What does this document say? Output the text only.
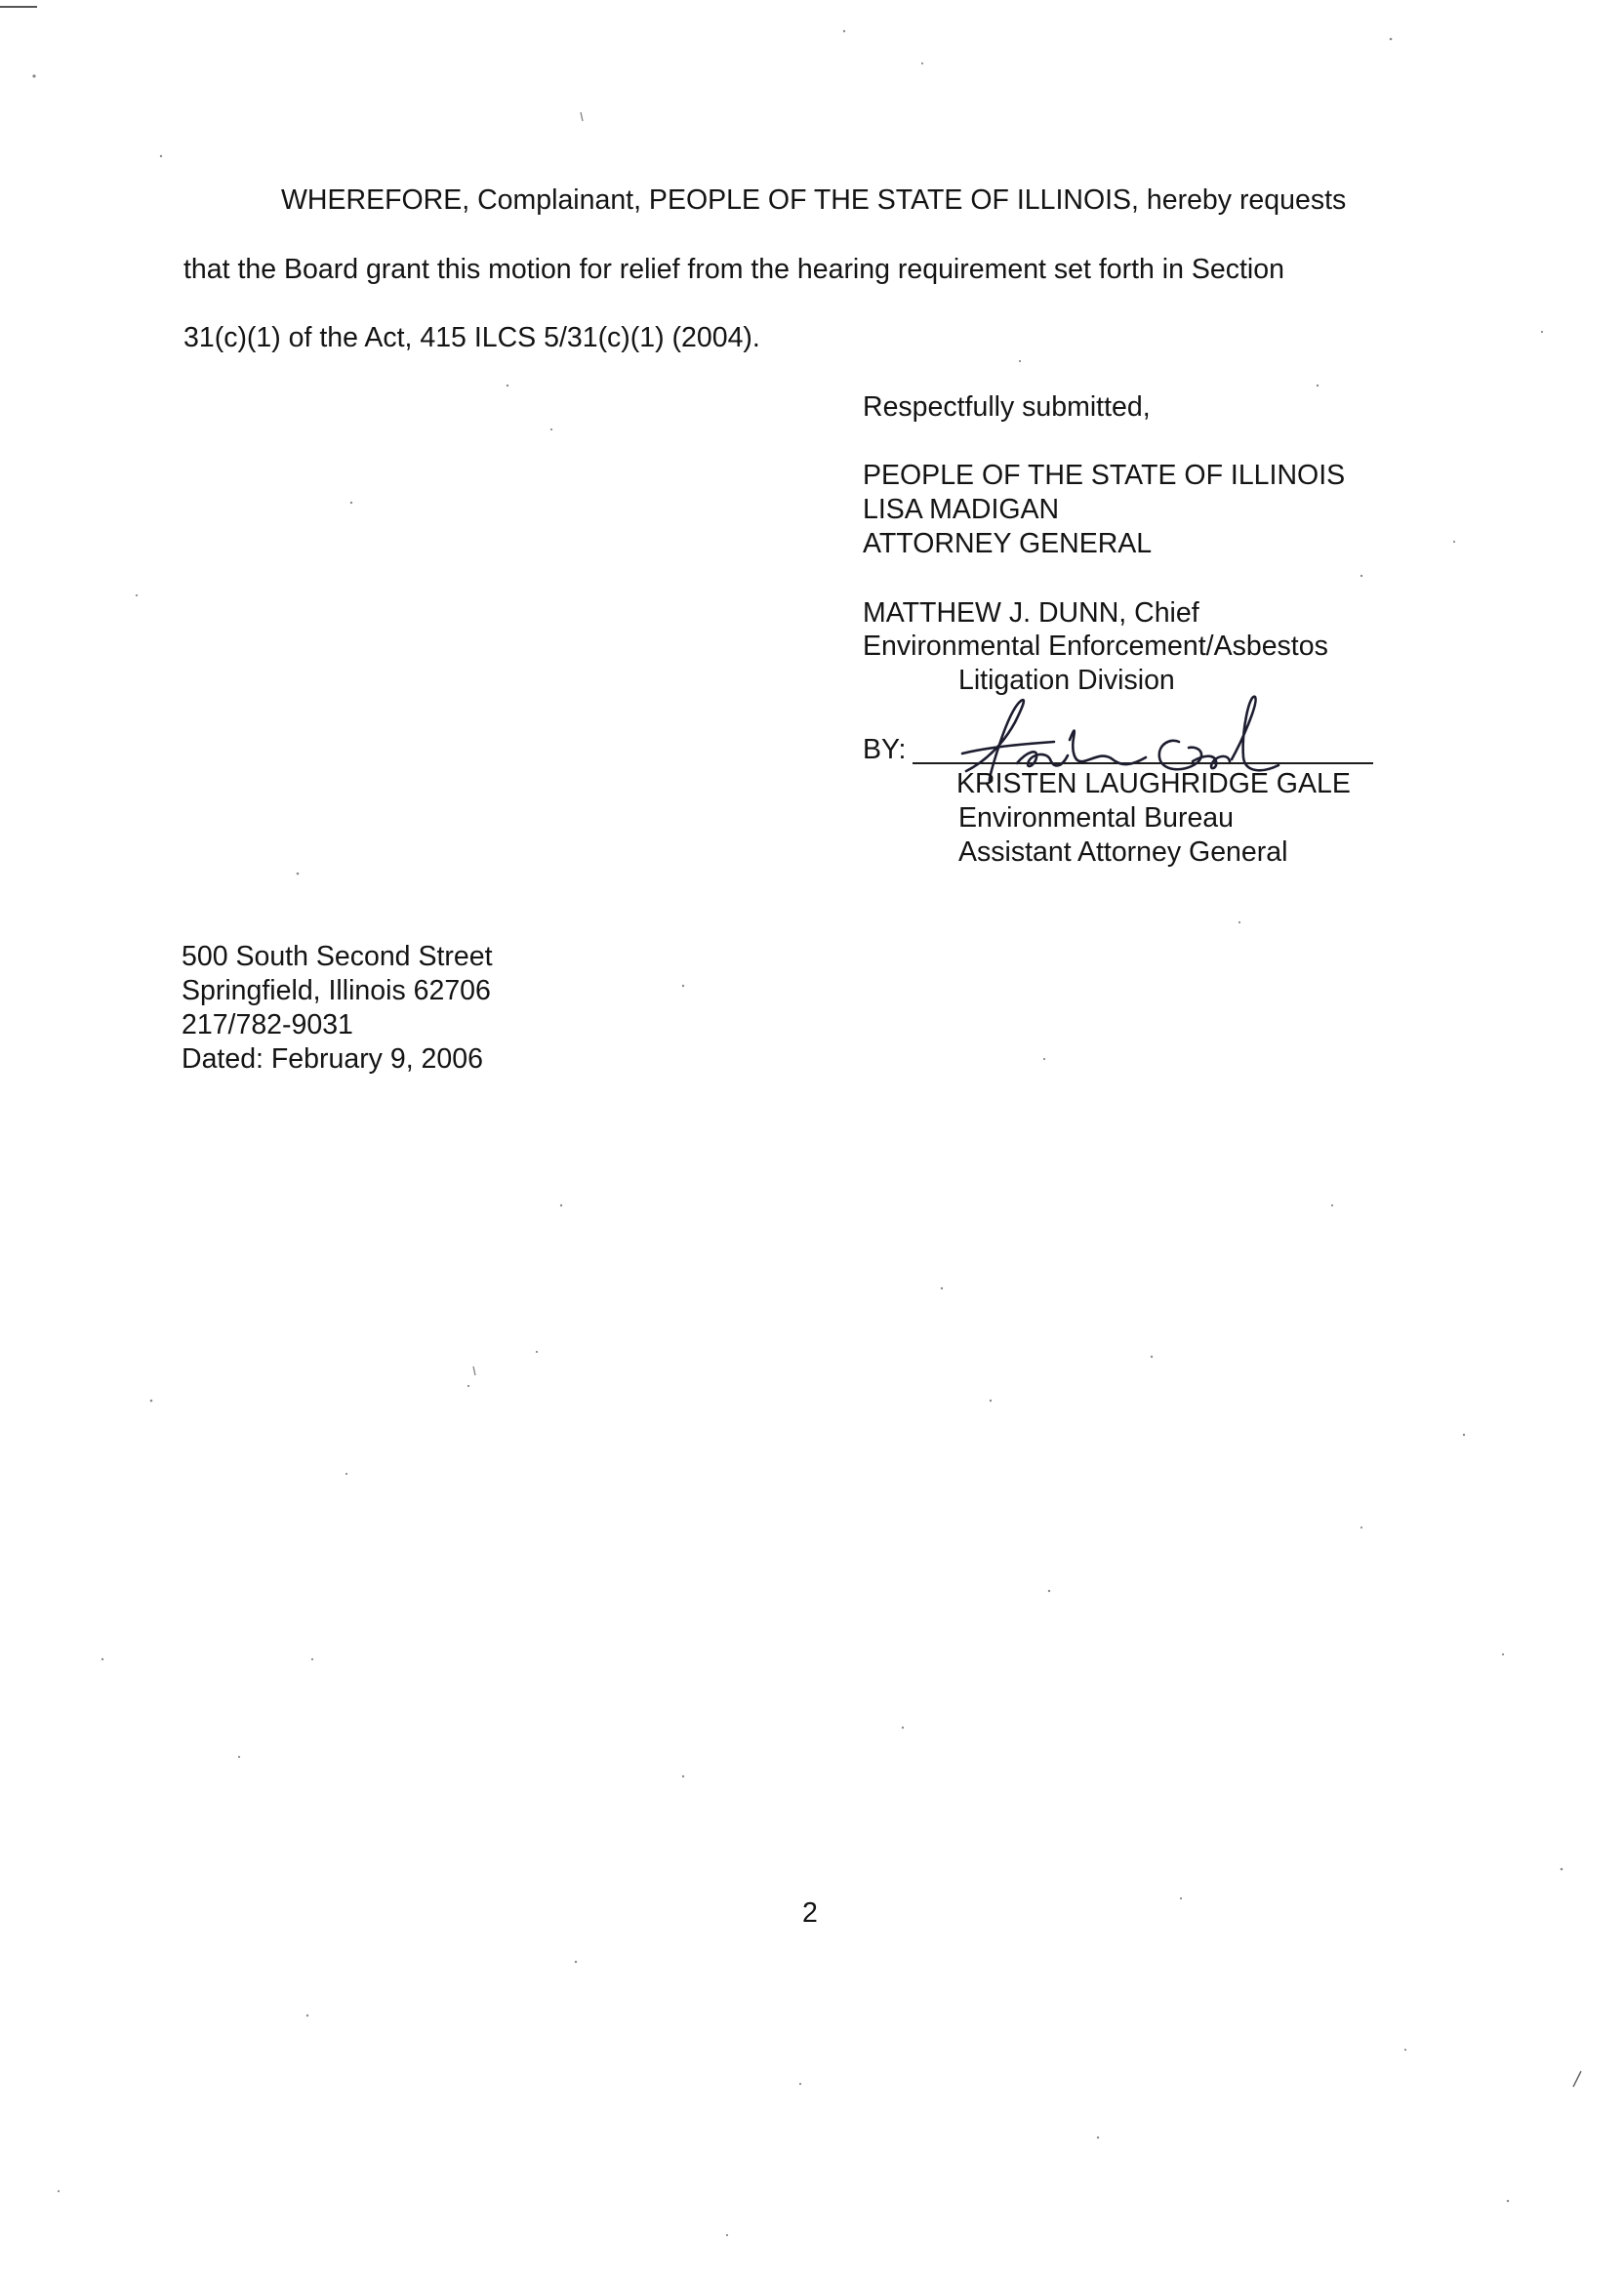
WHEREFORE, Complainant, PEOPLE OF THE STATE OF ILLINOIS, hereby requests
that the Board grant this motion for relief from the hearing requirement set forth in Section
31(c)(1) of the Act, 415 ILCS 5/31(c)(1) (2004).
Respectfully submitted,
PEOPLE OF THE STATE OF ILLINOIS
LISA MADIGAN
ATTORNEY GENERAL
MATTHEW J. DUNN, Chief
Environmental Enforcement/Asbestos
Litigation Division
BY:
KRISTEN LAUGHRIDGE GALE
Environmental Bureau
Assistant Attorney General
500 South Second Street
Springfield, Illinois 62706
217/782-9031
Dated: February 9, 2006
2
